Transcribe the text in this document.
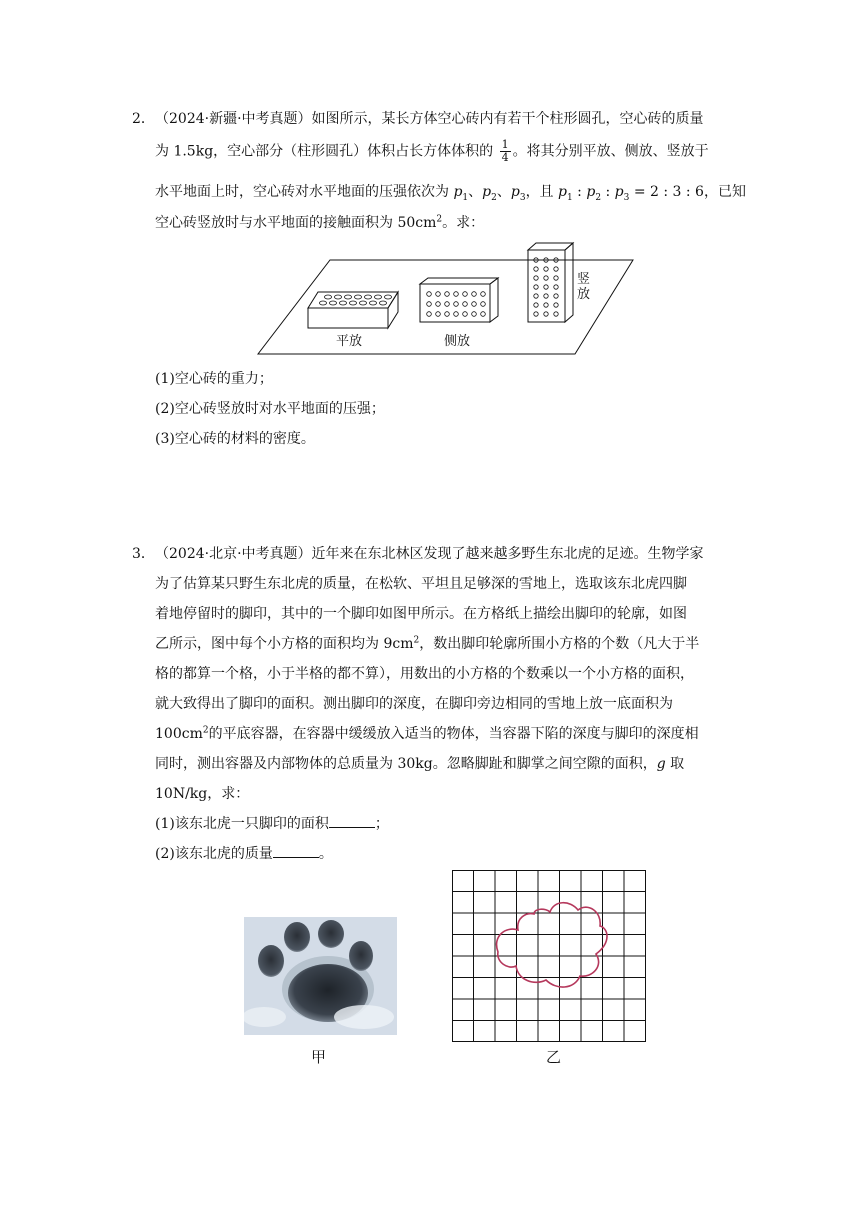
2． （2024·新疆·中考真题）如图所示，某长方体空心砖内有若干个柱形圆孔，空心砖的质量
为 1.5kg，空心部分（柱形圆孔）体积占长方体体积的 $\frac{1}{4}$ 。将其分别平放、侧放、竖放于
水平地面上时，空心砖对水平地面的压强依次为 $p_1$、$p_2$、$p_3$，且 $p_1$ : $p_2$ : $p_3 = 2$ : 3 : 6，已知
空心砖竖放时与水平地面的接触面积为 $50cm^2$。求：
平放	侧放
竖放
(1)空心砖的重力；
(2)空心砖竖放时对水平地面的压强；
(3)空心砖的材料的密度。
3． （2024·北京·中考真题）近年来在东北林区发现了越来越多野生东北虎的足迹。生物学家
为了估算某只野生东北虎的质量，在松软、平坦且足够深的雪地上，选取该东北虎四脚
着地停留时的脚印，其中的一个脚印如图甲所示。在方格纸上描绘出脚印的轮廓，如图
乙所示，图中每个小方格的面积均为 $9cm^2$，数出脚印轮廓所围小方格的个数（凡大于半
格的都算一个格，小于半格的都不算），用数出的小方格的个数乘以一个小方格的面积，
就大致得出了脚印的面积。测出脚印的深度，在脚印旁边相同的雪地上放一底面积为
$100cm^2$的平底容器，在容器中缓缓放入适当的物体，当容器下陷的深度与脚印的深度相
同时，测出容器及内部物体的总质量为 30kg。忽略脚趾和脚掌之间空隙的面积，g 取
10N/kg，求：
(1)该东北虎一只脚印的面积	；
(2)该东北虎的质量	。
甲	乙
